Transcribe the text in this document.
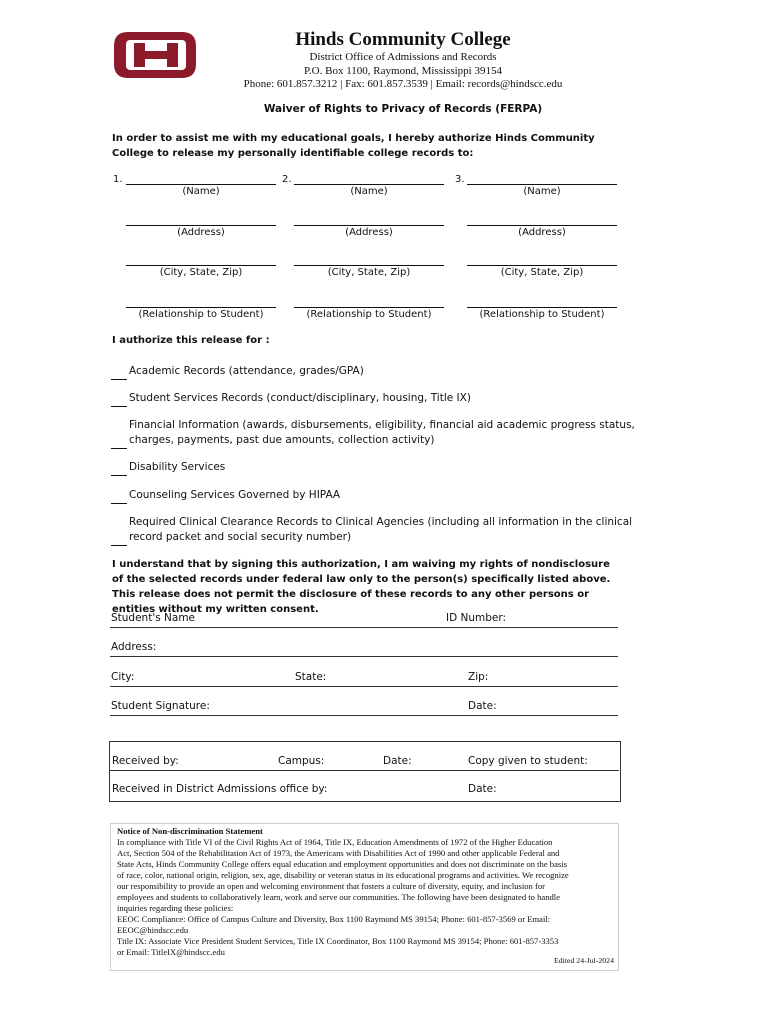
Hinds Community College
District Office of Admissions and Records
P.O. Box 1100, Raymond, Mississippi 39154
Phone: 601.857.3212 | Fax: 601.857.3539 | Email: records@hindscc.edu
Waiver of Rights to Privacy of Records (FERPA)
In order to assist me with my educational goals, I hereby authorize Hinds Community College to release my personally identifiable college records to:
1.
(Name)
(Address)
(City, State, Zip)
(Relationship to Student)
2.
(Name)
(Address)
(City, State, Zip)
(Relationship to Student)
3.
(Name)
(Address)
(City, State, Zip)
(Relationship to Student)
I authorize this release for :
Academic Records (attendance, grades/GPA)
Student Services Records (conduct/disciplinary, housing, Title IX)
Financial Information (awards, disbursements, eligibility, financial aid academic progress status,
charges, payments, past due amounts, collection activity)
Disability Services
Counseling Services Governed by HIPAA
Required Clinical Clearance Records to Clinical Agencies (including all information in the clinical
record packet and social security number)
I understand that by signing this authorization, I am waiving my rights of nondisclosure of the selected records under federal law only to the person(s) specifically listed above. This release does not permit the disclosure of these records to any other persons or entities without my written consent.
Student's Name	ID Number:
Address:
City:	State:	Zip:
Student Signature:	Date:
Received by:	Campus:	Date:	Copy given to student:
Received in District Admissions office by:	Date:
Notice of Non-discrimination Statement
In compliance with Title VI of the Civil Rights Act of 1964, Title IX, Education Amendments of 1972 of the Higher Education
Act, Section 504 of the Rehabilitation Act of 1973, the Americans with Disabilities Act of 1990 and other applicable Federal and
State Acts, Hinds Community College offers equal education and employment opportunities and does not discriminate on the basis
of race, color, national origin, religion, sex, age, disability or veteran status in its educational programs and activities. We recognize
our responsibility to provide an open and welcoming environment that fosters a culture of diversity, equity, and inclusion for
employees and students to collaboratively learn, work and serve our communities. The following have been designated to handle
inquiries regarding these policies:
EEOC Compliance: Office of Campus Culture and Diversity, Box 1100 Raymond MS 39154; Phone: 601-857-3569 or Email:
EEOC@hindscc.edu
Title IX: Associate Vice President Student Services, Title IX Coordinator, Box 1100 Raymond MS 39154; Phone: 601-857-3353
or Email: TitleIX@hindscc.edu
Edited 24-Jul-2024
